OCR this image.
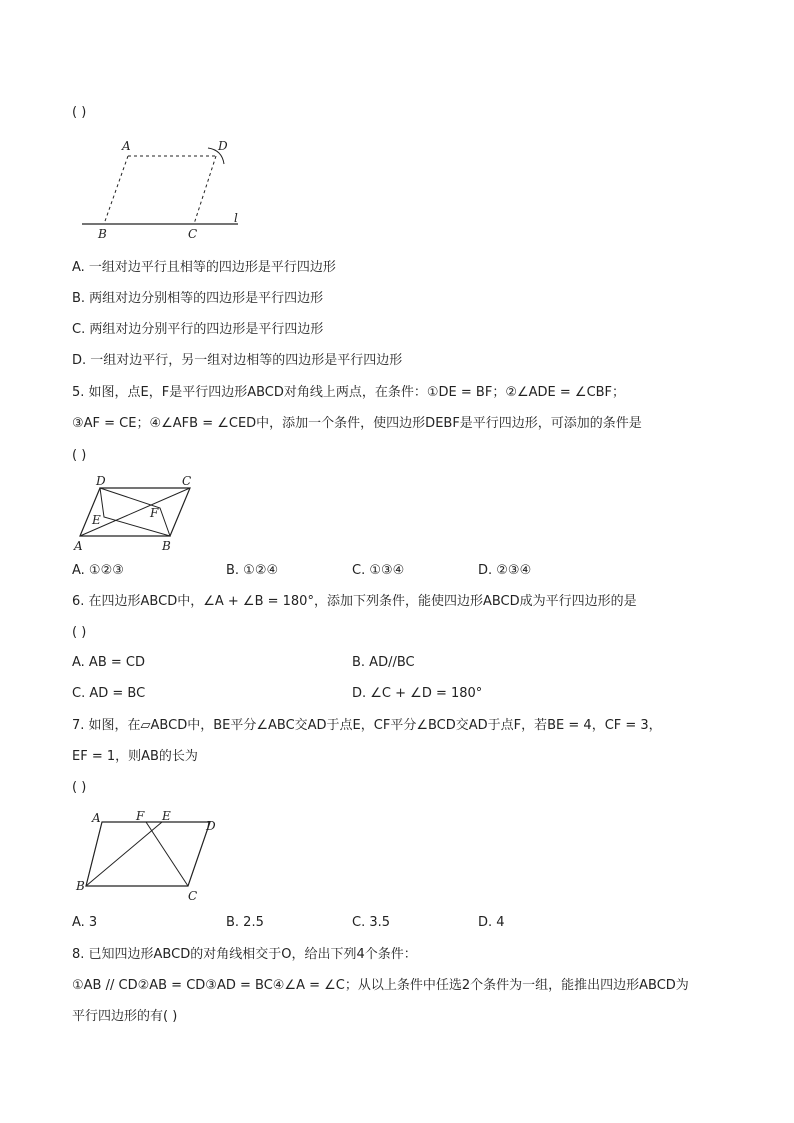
( )
A	D
B	C
l
A. 一组对边平行且相等的四边形是平行四边形
B. 两组对边分别相等的四边形是平行四边形
C. 两组对边分别平行的四边形是平行四边形
D. 一组对边平行，另一组对边相等的四边形是平行四边形
5. 如图，点E，F是平行四边形ABCD对角线上两点，在条件：①DE = BF；②∠ADE = ∠CBF；
③AF = CE；④∠AFB = ∠CED中，添加一个条件，使四边形DEBF是平行四边形，可添加的条件是
( )
D	C
E	F
A	B
A. ①②③	B. ①②④	C. ①③④	D. ②③④
6. 在四边形ABCD中，∠A + ∠B = 180°，添加下列条件，能使四边形ABCD成为平行四边形的是
( )
A. AB = CD	B. AD//BC
C. AD = BC	D. ∠C + ∠D = 180°
7. 如图，在▱ABCD中，BE平分∠ABC交AD于点E，CF平分∠BCD交AD于点F，若BE = 4，CF = 3，
EF = 1，则AB的长为
( )
A	F E
D
B
C
A. 3	B. 2.5	C. 3.5	D. 4
8. 已知四边形ABCD的对角线相交于O，给出下列4个条件：
①AB // CD②AB = CD③AD = BC④∠A = ∠C；从以上条件中任选2个条件为一组，能推出四边形ABCD为
平行四边形的有( )
